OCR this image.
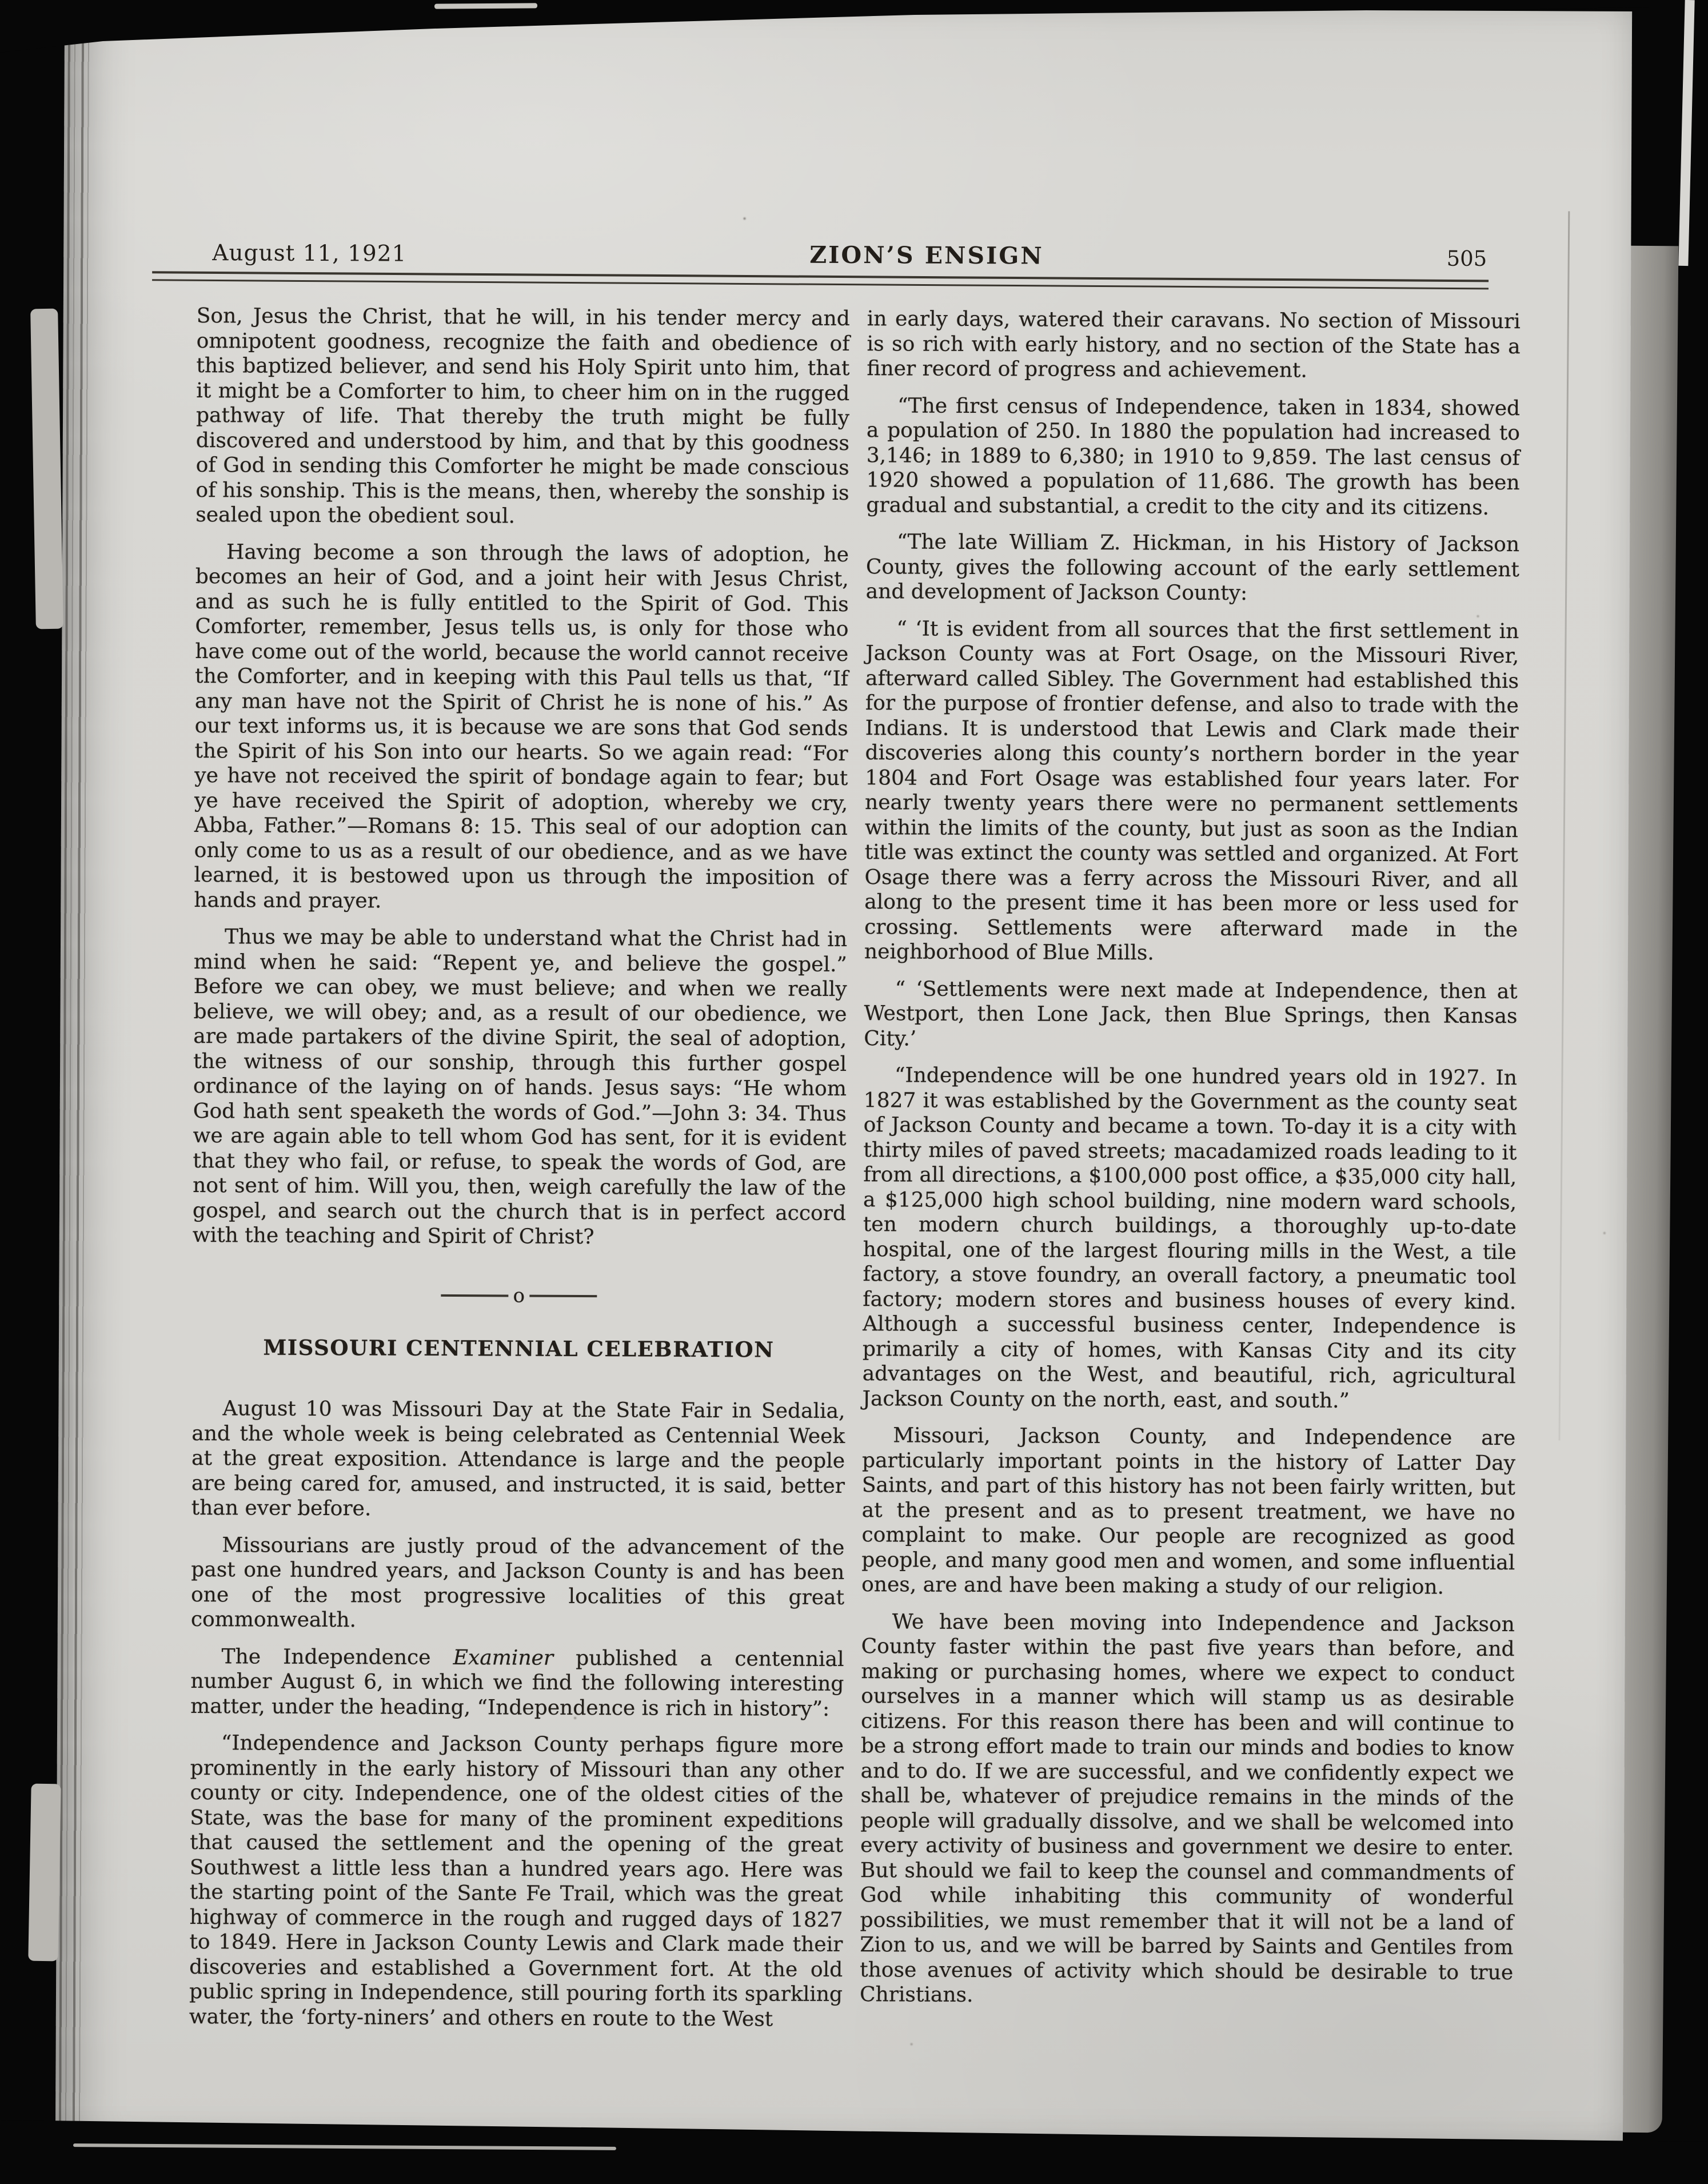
August 11, 1921	ZION’S ENSIGN	505

Son, Jesus the Christ, that he will, in his tender mercy and omnipotent goodness, recognize the faith and obedience of this baptized believer, and send his Holy Spirit unto him, that it might be a Comforter to him, to cheer him on in the rugged pathway of life. That thereby the truth might be fully discovered and understood by him, and that by this goodness of God in sending this Comforter he might be made conscious of his sonship. This is the means, then, whereby the sonship is sealed upon the obedient soul.

Having become a son through the laws of adoption, he becomes an heir of God, and a joint heir with Jesus Christ, and as such he is fully entitled to the Spirit of God. This Comforter, remember, Jesus tells us, is only for those who have come out of the world, because the world cannot receive the Comforter, and in keeping with this Paul tells us that, “If any man have not the Spirit of Christ he is none of his.” As our text informs us, it is because we are sons that God sends the Spirit of his Son into our hearts. So we again read: “For ye have not received the spirit of bondage again to fear; but ye have received the Spirit of adoption, whereby we cry, Abba, Father.”—Romans 8: 15. This seal of our adoption can only come to us as a result of our obedience, and as we have learned, it is bestowed upon us through the imposition of hands and prayer.

Thus we may be able to understand what the Christ had in mind when he said: “Repent ye, and believe the gospel.” Before we can obey, we must believe; and when we really believe, we will obey; and, as a result of our obedience, we are made partakers of the divine Spirit, the seal of adoption, the witness of our sonship, through this further gospel ordinance of the laying on of hands. Jesus says: “He whom God hath sent speaketh the words of God.”—John 3: 34. Thus we are again able to tell whom God has sent, for it is evident that they who fail, or refuse, to speak the words of God, are not sent of him. Will you, then, weigh carefully the law of the gospel, and search out the church that is in perfect accord with the teaching and Spirit of Christ?

o
MISSOURI CENTENNIAL CELEBRATION

August 10 was Missouri Day at the State Fair in Sedalia, and the whole week is being celebrated as Centennial Week at the great exposition. Attendance is large and the people are being cared for, amused, and instructed, it is said, better than ever before.

Missourians are justly proud of the advancement of the past one hundred years, and Jackson County is and has been one of the most progressive localities of this great commonwealth.

The Independence Examiner published a centennial number August 6, in which we find the following interesting matter, under the heading, “Independence is rich in history”:

“Independence and Jackson County perhaps figure more prominently in the early history of Missouri than any other county or city. Independence, one of the oldest cities of the State, was the base for many of the prominent expeditions that caused the settlement and the opening of the great Southwest a little less than a hundred years ago. Here was the starting point of the Sante Fe Trail, which was the great highway of commerce in the rough and rugged days of 1827 to 1849. Here in Jackson County Lewis and Clark made their discoveries and established a Government fort. At the old public spring in Independence, still pouring forth its sparkling water, the ‘forty-niners’ and others en route to the West

in early days, watered their caravans. No section of Missouri is so rich with early history, and no section of the State has a finer record of progress and achievement.

“The first census of Independence, taken in 1834, showed a population of 250. In 1880 the population had increased to 3,146; in 1889 to 6,380; in 1910 to 9,859. The last census of 1920 showed a population of 11,686. The growth has been gradual and substantial, a credit to the city and its citizens.

“The late William Z. Hickman, in his History of Jackson County, gives the following account of the early settlement and development of Jackson County:

“ ‘It is evident from all sources that the first settlement in Jackson County was at Fort Osage, on the Missouri River, afterward called Sibley. The Government had established this for the purpose of frontier defense, and also to trade with the Indians. It is understood that Lewis and Clark made their discoveries along this county’s northern border in the year 1804 and Fort Osage was established four years later. For nearly twenty years there were no permanent settlements within the limits of the county, but just as soon as the Indian title was extinct the county was settled and organized. At Fort Osage there was a ferry across the Missouri River, and all along to the present time it has been more or less used for crossing. Settlements were afterward made in the neighborhood of Blue Mills.

“ ‘Settlements were next made at Independence, then at Westport, then Lone Jack, then Blue Springs, then Kansas City.’

“Independence will be one hundred years old in 1927. In 1827 it was established by the Government as the county seat of Jackson County and became a town. To-day it is a city with thirty miles of paved streets; macadamized roads leading to it from all directions, a $100,000 post office, a $35,000 city hall, a $125,000 high school building, nine modern ward schools, ten modern church buildings, a thoroughly up-to-date hospital, one of the largest flouring mills in the West, a tile factory, a stove foundry, an overall factory, a pneumatic tool factory; modern stores and business houses of every kind. Although a successful business center, Independence is primarily a city of homes, with Kansas City and its city advantages on the West, and beautiful, rich, agricultural Jackson County on the north, east, and south.”

Missouri, Jackson County, and Independence are particularly important points in the history of Latter Day Saints, and part of this history has not been fairly written, but at the present and as to present treatment, we have no complaint to make. Our people are recognized as good people, and many good men and women, and some influential ones, are and have been making a study of our religion.

We have been moving into Independence and Jackson County faster within the past five years than before, and making or purchasing homes, where we expect to conduct ourselves in a manner which will stamp us as desirable citizens. For this reason there has been and will continue to be a strong effort made to train our minds and bodies to know and to do. If we are successful, and we confidently expect we shall be, whatever of prejudice remains in the minds of the people will gradually dissolve, and we shall be welcomed into every activity of business and government we desire to enter. But should we fail to keep the counsel and commandments of God while inhabiting this community of wonderful possibilities, we must remember that it will not be a land of Zion to us, and we will be barred by Saints and Gentiles from those avenues of activity which should be desirable to true Christians.
